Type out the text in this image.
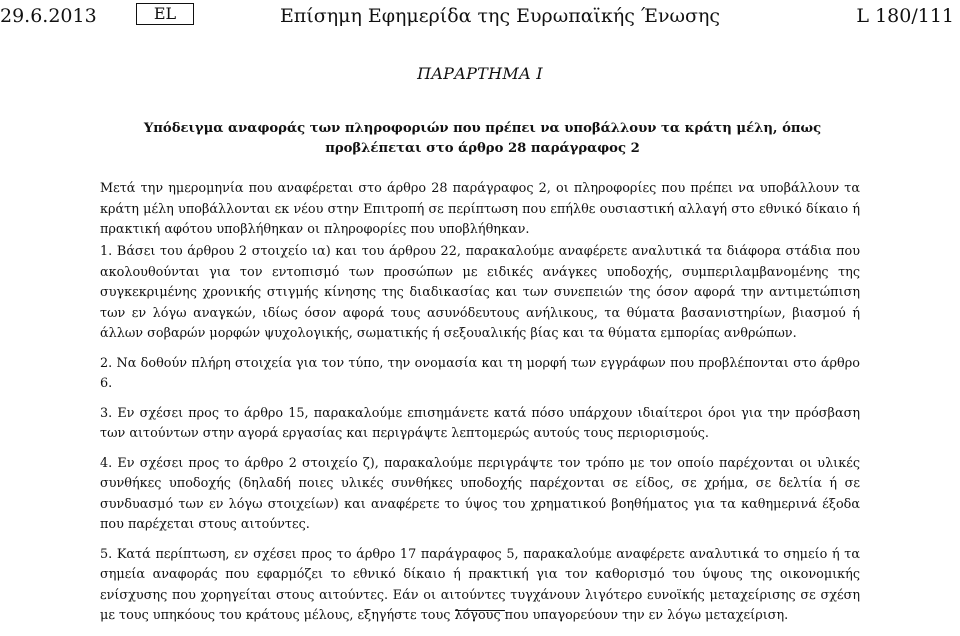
29.6.2013	EL	Επίσημη Εφημερίδα της Ευρωπαϊκής Ένωσης	L 180/111
ΠΑΡΑΡΤΗΜΑ I
Υπόδειγμα αναφοράς των πληροφοριών που πρέπει να υποβάλλουν τα κράτη μέλη, όπως προβλέπεται στο άρθρο 28 παράγραφος 2
Μετά την ημερομηνία που αναφέρεται στο άρθρο 28 παράγραφος 2, οι πληροφορίες που πρέπει να υποβάλλουν τα κράτη μέλη υποβάλλονται εκ νέου στην Επιτροπή σε περίπτωση που επήλθε ουσιαστική αλλαγή στο εθνικό δίκαιο ή πρακτική αφότου υποβλήθηκαν οι πληροφορίες που υποβλήθηκαν.
1. Βάσει του άρθρου 2 στοιχείο ια) και του άρθρου 22, παρακαλούμε αναφέρετε αναλυτικά τα διάφορα στάδια που ακολουθούνται για τον εντοπισμό των προσώπων με ειδικές ανάγκες υποδοχής, συμπεριλαμβανομένης της συγκεκριμένης χρονικής στιγμής κίνησης της διαδικασίας και των συνεπειών της όσον αφορά την αντιμετώπιση των εν λόγω αναγκών, ιδίως όσον αφορά τους ασυνόδευτους ανήλικους, τα θύματα βασανιστηρίων, βιασμού ή άλλων σοβαρών μορφών ψυχολογικής, σωματικής ή σεξουαλικής βίας και τα θύματα εμπορίας ανθρώπων.
2. Να δοθούν πλήρη στοιχεία για τον τύπο, την ονομασία και τη μορφή των εγγράφων που προβλέπονται στο άρθρο 6.
3. Εν σχέσει προς το άρθρο 15, παρακαλούμε επισημάνετε κατά πόσο υπάρχουν ιδιαίτεροι όροι για την πρόσβαση των αιτούντων στην αγορά εργασίας και περιγράψτε λεπτομερώς αυτούς τους περιορισμούς.
4. Εν σχέσει προς το άρθρο 2 στοιχείο ζ), παρακαλούμε περιγράψτε τον τρόπο με τον οποίο παρέχονται οι υλικές συνθήκες υποδοχής (δηλαδή ποιες υλικές συνθήκες υποδοχής παρέχονται σε είδος, σε χρήμα, σε δελτία ή σε συνδυασμό των εν λόγω στοιχείων) και αναφέρετε το ύψος του χρηματικού βοηθήματος για τα καθημερινά έξοδα που παρέχεται στους αιτούντες.
5. Κατά περίπτωση, εν σχέσει προς το άρθρο 17 παράγραφος 5, παρακαλούμε αναφέρετε αναλυτικά το σημείο ή τα σημεία αναφοράς που εφαρμόζει το εθνικό δίκαιο ή πρακτική για τον καθορισμό του ύψους της οικονομικής ενίσχυσης που χορηγείται στους αιτούντες. Εάν οι αιτούντες τυγχάνουν λιγότερο ευνοϊκής μεταχείρισης σε σχέση με τους υπηκόους του κράτους μέλους, εξηγήστε τους λόγους που υπαγορεύουν την εν λόγω μεταχείριση.
